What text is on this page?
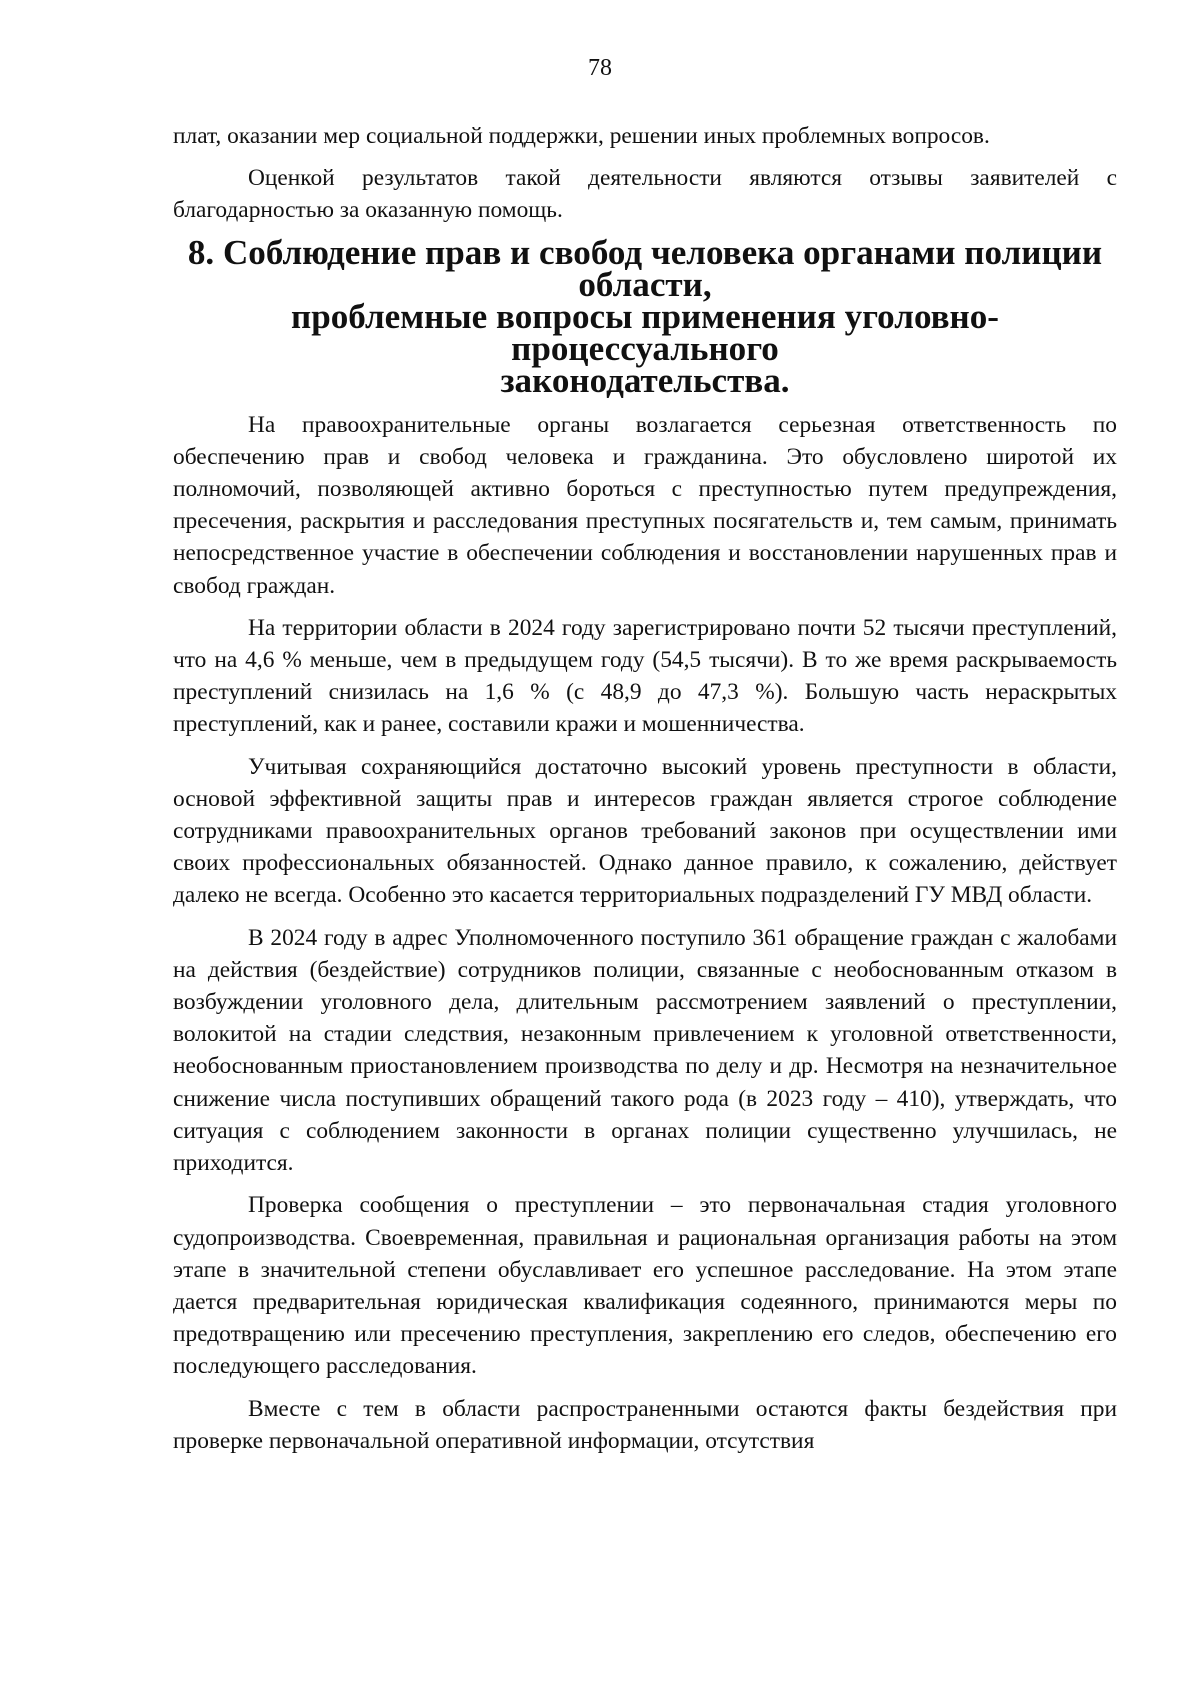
78

плат, оказании мер социальной поддержки, решении иных проблемных вопросов.

Оценкой результатов такой деятельности являются отзывы заявителей с благодарностью за оказанную помощь.

8. Соблюдение прав и свобод человека органами полиции области,
проблемные вопросы применения уголовно-процессуального
законодательства.

На правоохранительные органы возлагается серьезная ответственность по обеспечению прав и свобод человека и гражданина. Это обусловлено широтой их полномочий, позволяющей активно бороться с преступностью путем предупреждения, пресечения, раскрытия и расследования преступных посягательств и, тем самым, принимать непосредственное участие в обеспечении соблюдения и восстановлении нарушенных прав и свобод граждан.

На территории области в 2024 году зарегистрировано почти 52 тысячи преступлений, что на 4,6 % меньше, чем в предыдущем году (54,5 тысячи). В то же время раскрываемость преступлений снизилась на 1,6 % (с 48,9 до 47,3 %). Большую часть нераскрытых преступлений, как и ранее, составили кражи и мошенничества.

Учитывая сохраняющийся достаточно высокий уровень преступности в области, основой эффективной защиты прав и интересов граждан является строгое соблюдение сотрудниками правоохранительных органов требований законов при осуществлении ими своих профессиональных обязанностей. Однако данное правило, к сожалению, действует далеко не всегда. Особенно это касается территориальных подразделений ГУ МВД области.

В 2024 году в адрес Уполномоченного поступило 361 обращение граждан с жалобами на действия (бездействие) сотрудников полиции, связанные с необоснованным отказом в возбуждении уголовного дела, длительным рассмотрением заявлений о преступлении, волокитой на стадии следствия, незаконным привлечением к уголовной ответственности, необоснованным приостановлением производства по делу и др. Несмотря на незначительное снижение числа поступивших обращений такого рода (в 2023 году – 410), утверждать, что ситуация с соблюдением законности в органах полиции существенно улучшилась, не приходится.

Проверка сообщения о преступлении – это первоначальная стадия уголовного судопроизводства. Своевременная, правильная и рациональная организация работы на этом этапе в значительной степени обуславливает его успешное расследование. На этом этапе дается предварительная юридическая квалификация содеянного, принимаются меры по предотвращению или пресечению преступления, закреплению его следов, обеспечению его последующего расследования.

Вместе с тем в области распространенными остаются факты бездействия при проверке первоначальной оперативной информации, отсутствия
